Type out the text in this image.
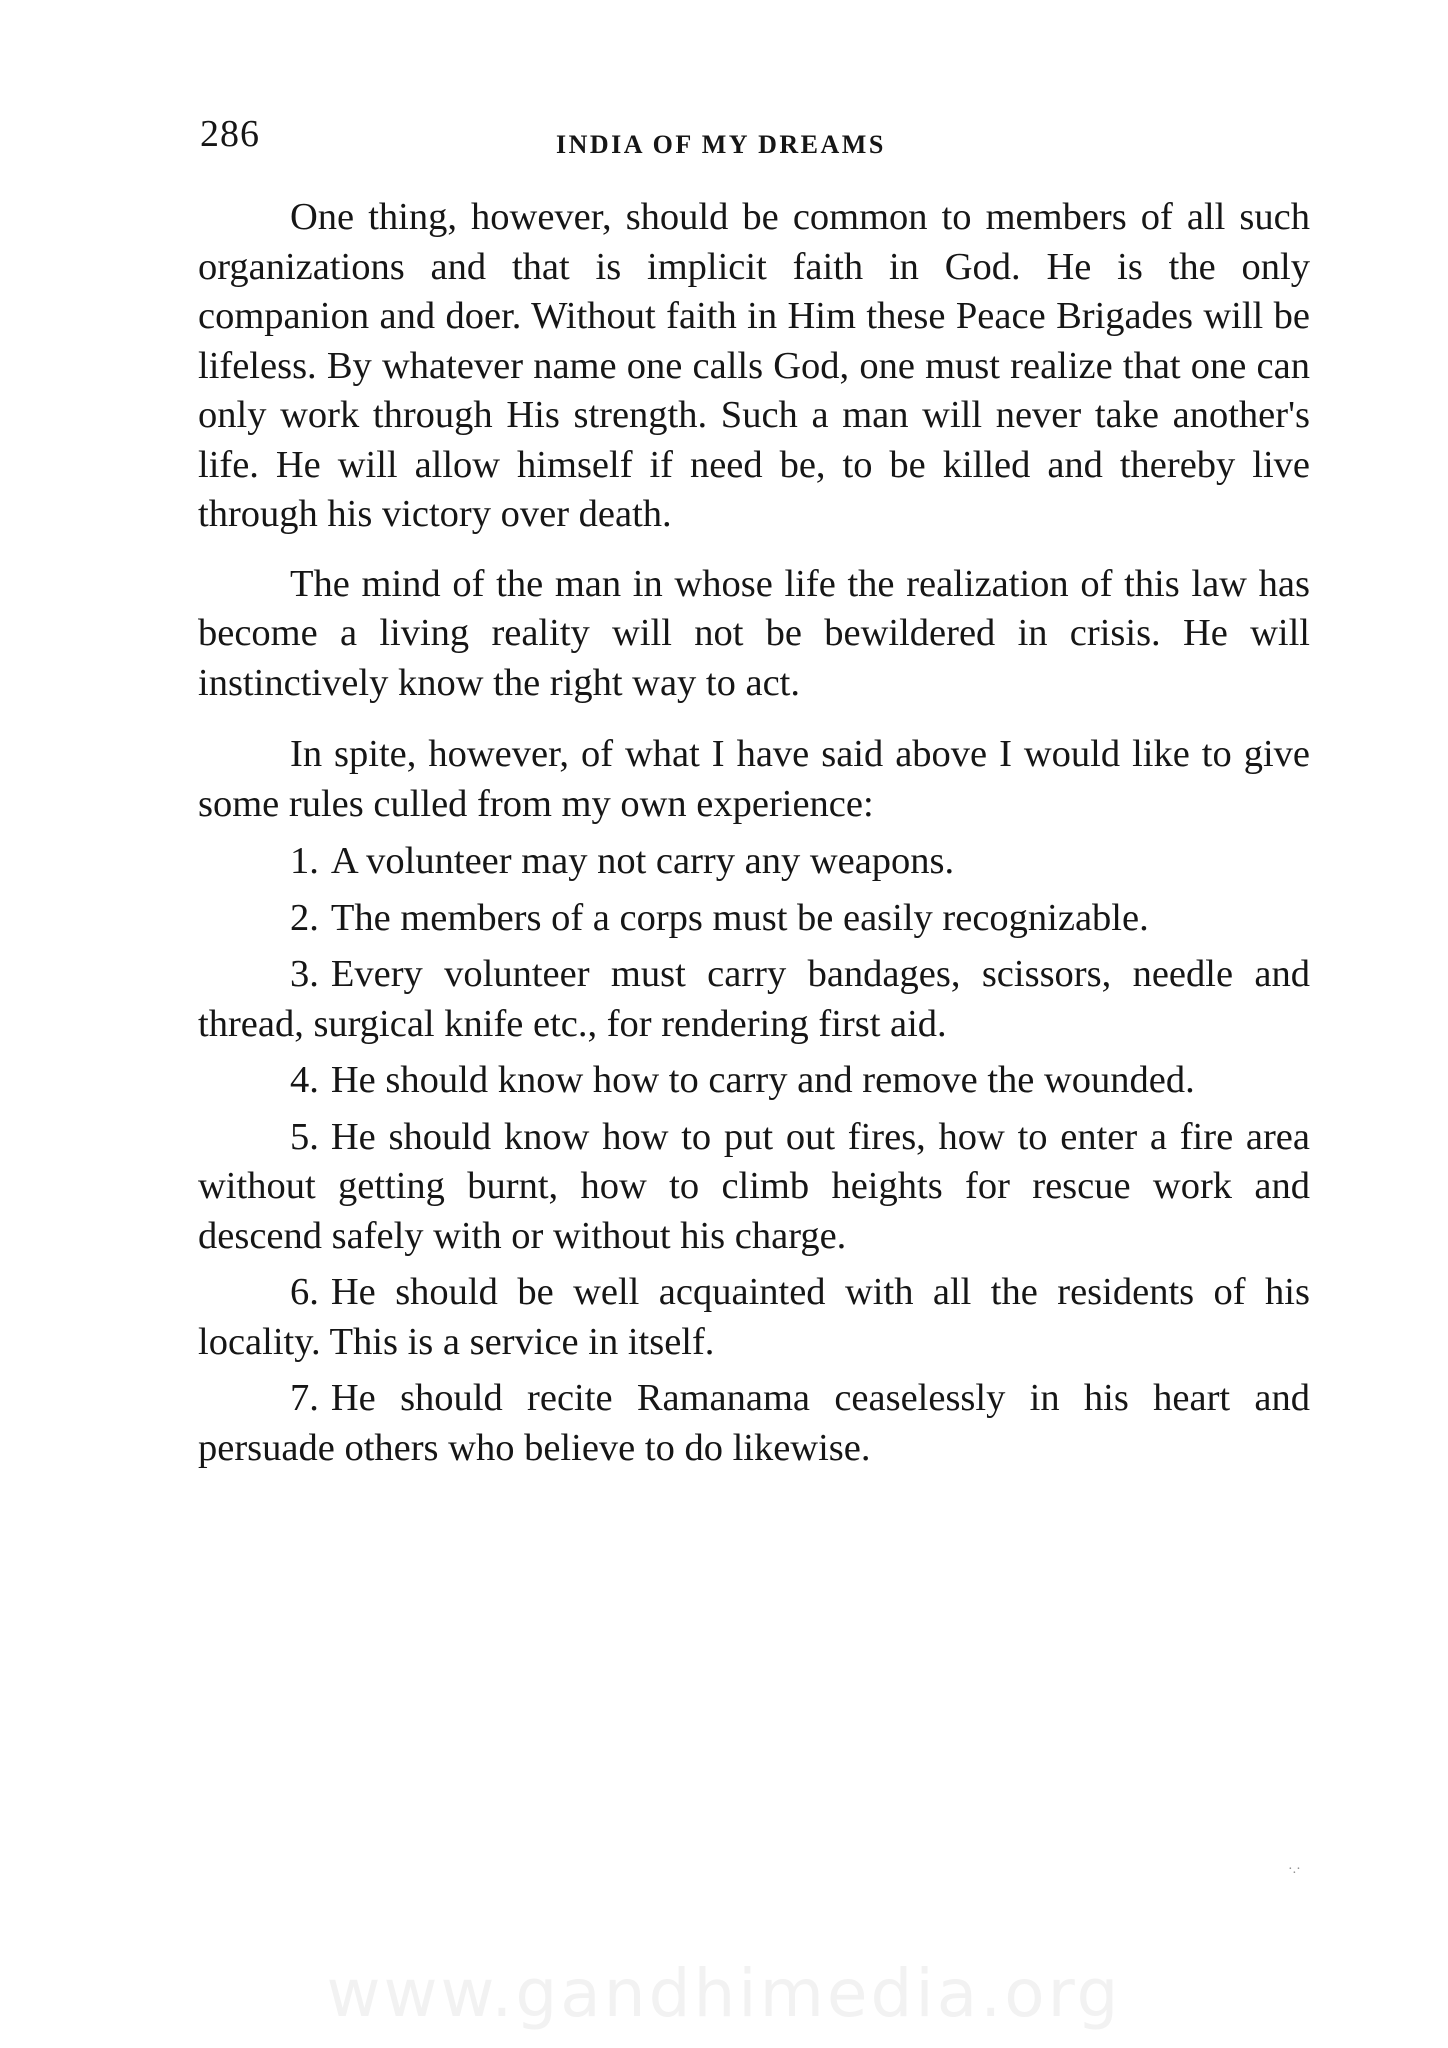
286	INDIA OF MY DREAMS

One thing, however, should be common to members of all such organizations and that is implicit faith in God. He is the only companion and doer. Without faith in Him these Peace Brigades will be lifeless. By whatever name one calls God, one must realize that one can only work through His strength. Such a man will never take another's life. He will allow himself if need be, to be killed and thereby live through his victory over death.

The mind of the man in whose life the realization of this law has become a living reality will not be bewildered in crisis. He will instinctively know the right way to act.

In spite, however, of what I have said above I would like to give some rules culled from my own experience:

1. A volunteer may not carry any weapons.

2. The members of a corps must be easily recognizable.

3. Every volunteer must carry bandages, scissors, needle and thread, surgical knife etc., for rendering first aid.

4. He should know how to carry and remove the wounded.

5. He should know how to put out fires, how to enter a fire area without getting burnt, how to climb heights for rescue work and descend safely with or without his charge.

6. He should be well acquainted with all the residents of his locality. This is a service in itself.

7. He should recite Ramanama ceaselessly in his heart and persuade others who believe to do likewise.

·.·
www.gandhimedia.org
